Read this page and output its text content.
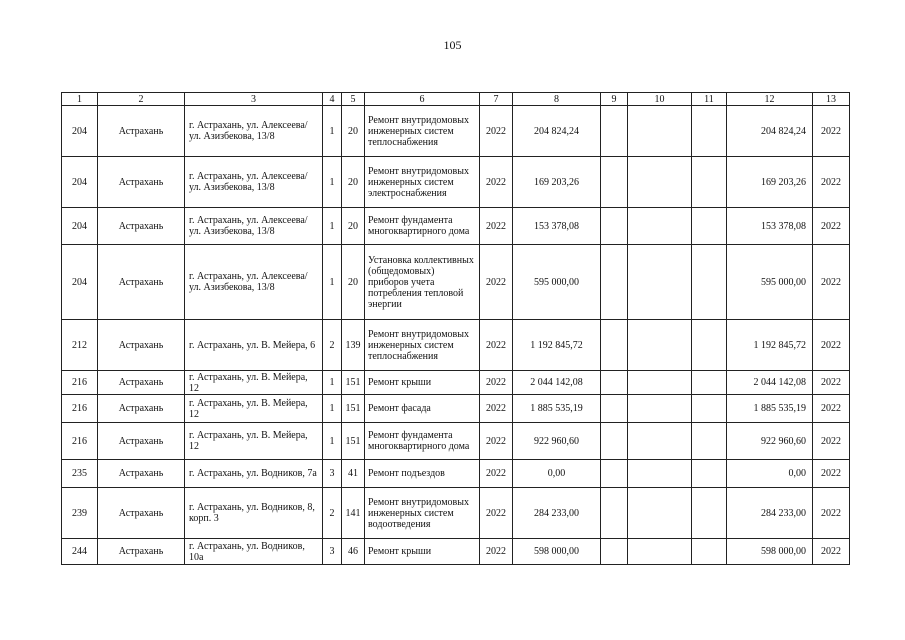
105
1	2	3	4	5	6	7	8	9	10	11	12	13
204	Астрахань	г. Астрахань, ул. Алексеева/ ул. Азизбекова, 13/8	1	20	Ремонт внутридомовых инженерных систем теплоснабжения	2022	204 824,24				204 824,24	2022
204	Астрахань	г. Астрахань, ул. Алексеева/ ул. Азизбекова, 13/8	1	20	Ремонт внутридомовых инженерных систем электроснабжения	2022	169 203,26				169 203,26	2022
204	Астрахань	г. Астрахань, ул. Алексеева/ ул. Азизбекова, 13/8	1	20	Ремонт фундамента многоквартирного дома	2022	153 378,08				153 378,08	2022
204	Астрахань	г. Астрахань, ул. Алексеева/ ул. Азизбекова, 13/8	1	20	Установка коллективных (общедомовых) приборов учета потребления тепловой энергии	2022	595 000,00				595 000,00	2022
212	Астрахань	г. Астрахань, ул. В. Мейера, 6	2	139	Ремонт внутридомовых инженерных систем теплоснабжения	2022	1 192 845,72				1 192 845,72	2022
216	Астрахань	г. Астрахань, ул. В. Мейера, 12	1	151	Ремонт крыши	2022	2 044 142,08				2 044 142,08	2022
216	Астрахань	г. Астрахань, ул. В. Мейера, 12	1	151	Ремонт фасада	2022	1 885 535,19				1 885 535,19	2022
216	Астрахань	г. Астрахань, ул. В. Мейера, 12	1	151	Ремонт фундамента многоквартирного дома	2022	922 960,60				922 960,60	2022
235	Астрахань	г. Астрахань, ул. Водников, 7а	3	41	Ремонт подъездов	2022	0,00				0,00	2022
239	Астрахань	г. Астрахань, ул. Водников, 8, корп. 3	2	141	Ремонт внутридомовых инженерных систем водоотведения	2022	284 233,00				284 233,00	2022
244	Астрахань	г. Астрахань, ул. Водников, 10а	3	46	Ремонт крыши	2022	598 000,00				598 000,00	2022
